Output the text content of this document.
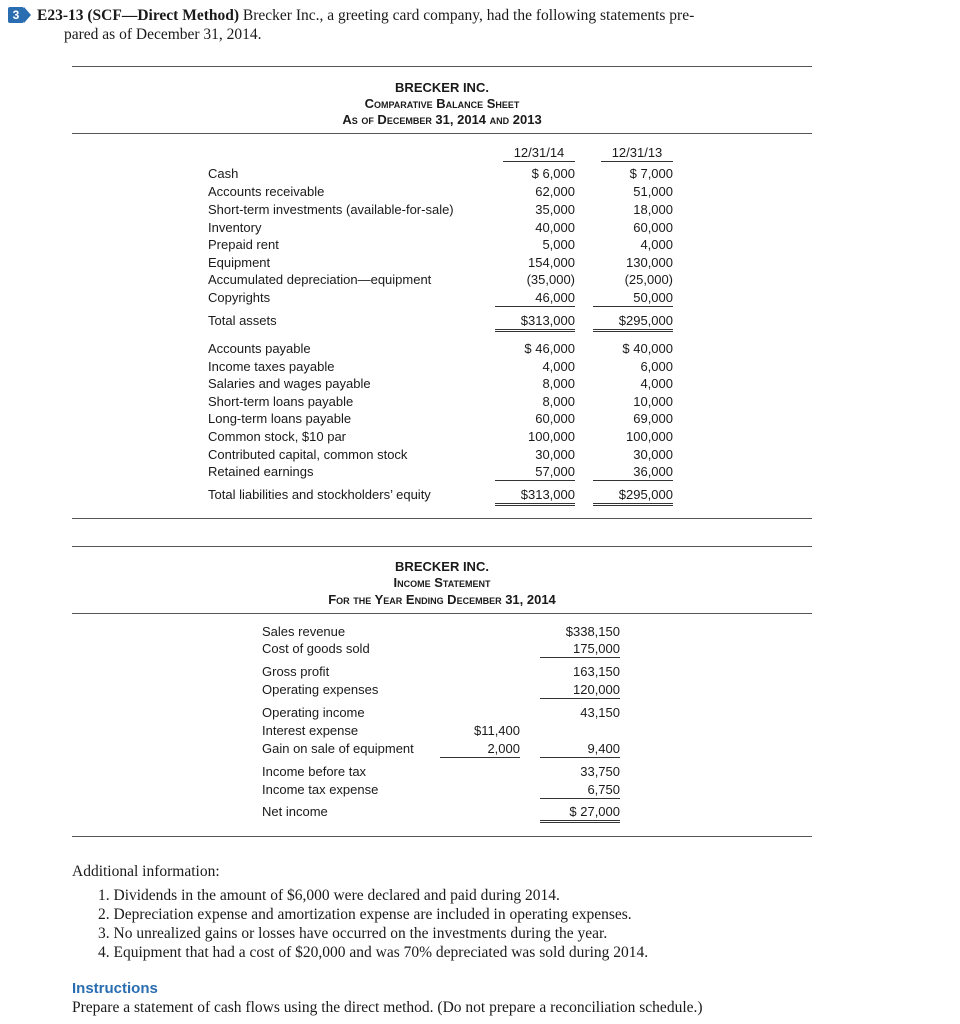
3 E23-13 (SCF—Direct Method) Brecker Inc., a greeting card company, had the following statements pre-
pared as of December 31, 2014.
BRECKER INC.
Comparative Balance Sheet
As of December 31, 2014 and 2013
12/31/14	12/31/13
Cash	$ 6,000	$ 7,000
Accounts receivable	62,000	51,000
Short-term investments (available-for-sale)	35,000	18,000
Inventory	40,000	60,000
Prepaid rent	5,000	4,000
Equipment	154,000	130,000
Accumulated depreciation—equipment	(35,000)	(25,000)
Copyrights	46,000	50,000
Total assets	$313,000	$295,000
Accounts payable	$ 46,000	$ 40,000
Income taxes payable	4,000	6,000
Salaries and wages payable	8,000	4,000
Short-term loans payable	8,000	10,000
Long-term loans payable	60,000	69,000
Common stock, $10 par	100,000	100,000
Contributed capital, common stock	30,000	30,000
Retained earnings	57,000	36,000
Total liabilities and stockholders’ equity	$313,000	$295,000
BRECKER INC.
Income Statement
For the Year Ending December 31, 2014
Sales revenue	$338,150
Cost of goods sold	175,000
Gross profit	163,150
Operating expenses	120,000
Operating income	43,150
Interest expense	$11,400
Gain on sale of equipment	2,000	9,400
Income before tax	33,750
Income tax expense	6,750
Net income	$ 27,000
Additional information:
1. Dividends in the amount of $6,000 were declared and paid during 2014.
2. Depreciation expense and amortization expense are included in operating expenses.
3. No unrealized gains or losses have occurred on the investments during the year.
4. Equipment that had a cost of $20,000 and was 70% depreciated was sold during 2014.
Instructions
Prepare a statement of cash flows using the direct method. (Do not prepare a reconciliation schedule.)
